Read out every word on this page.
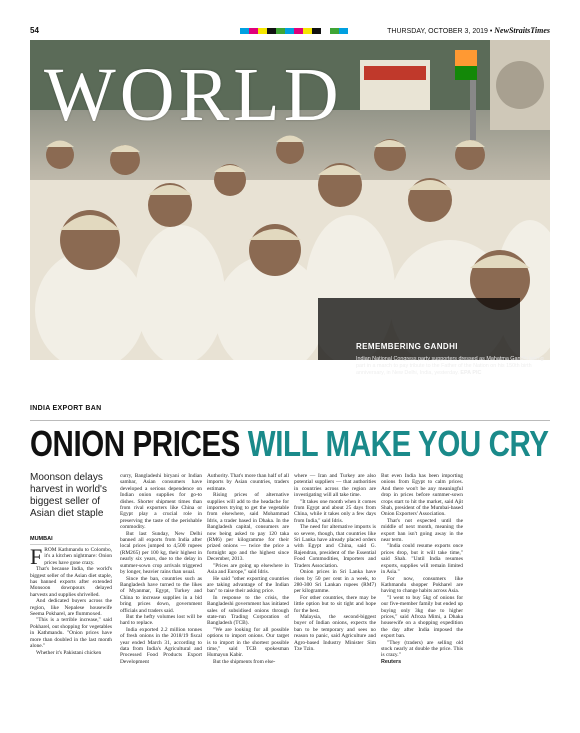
54	THURSDAY, OCTOBER 3, 2019 • NewStraitsTimes
WORLD
REMEMBERING GANDHI
Indian National Congress party supporters dressed as Mahatma Gandhi taking part in a march to pay tribute to the Father of the Nation on his 150th birth anniversary, in New Delhi, India, yesterday. EPA PIC
INDIA EXPORT BAN
ONION PRICES WILL MAKE YOU CRY
Moonson delays harvest in world's biggest seller of Asian diet staple
MUMBAI
F ROM Kathmandu to Colombo, it's a kitchen nightmare: Onion prices have gone crazy.

That's because India, the world's biggest seller of the Asian diet staple, has banned exports after extended Monsoon downpours delayed harvests and supplies shrivelled.

And dedicated buyers across the region, like Nepalese housewife Seema Pokharel, are flummoxed.

"This is a terrible increase," said Pokharel, out shopping for vegetables in Kathmandu. "Onion prices have more than doubled in the last month alone."

Whether it's Pakistani chicken

curry, Bangladeshi biryani or Indian sambar, Asian consumers have developed a serious dependence on Indian onion supplies for go-to dishes. Shorter shipment times than from rival exporters like China or Egypt play a crucial role in preserving the taste of the perishable commodity.

But last Sunday, New Delhi banned all exports from India after local prices jumped to 4,500 rupees (RM265) per 100 kg, their highest in nearly six years, due to the delay in summer-sown crop arrivals triggered by longer, heavier rains than usual.

Since the ban, countries such as Bangladesh have turned to the likes of Myanmar, Egypt, Turkey and China to increase supplies in a bid bring prices down, government officials and traders said.

But the hefty volumes lost will be hard to replace.

India exported 2.2 million tonnes of fresh onions in the 2018/19 fiscal year ended March 31, according to data from India's Agricultural and Processed Food Products Export Development

Authority. That's more than half of all imports by Asian countries, traders estimate.

Rising prices of alternative supplies will add to the headache for importers trying to get the vegetable from elsewhere, said Mohammad Idris, a trader based in Dhaka. In the Bangladesh capital, consumers are now being asked to pay 120 taka (RM6) per kilogramme for their prized onions — twice the price a fortnight ago and the highest since December, 2013.

"Prices are going up elsewhere in Asia and Europe," said Idris.

He said "other exporting countries are taking advantage of the Indian ban" to raise their asking price.

In response to the crisis, the Bangladeshi government has initiated sales of subsidised onions through state-run Trading Corporation of Bangladesh (TCB).

"We are looking for all possible options to import onions. Our target is to import in the shortest possible time," said TCB spokesman Humayun Kabir.

But the shipments from else-

where — Iran and Turkey are also potential suppliers — that authorities in countries across the region are investigating will all take time.

"It takes one month when it comes from Egypt and about 25 days from China, while it takes only a few days from India," said Idris.

The need for alternative imports is so severe, though, that countries like Sri Lanka have already placed orders with Egypt and China, said G. Rajendran, president of the Essential Food Commodities, Importers and Traders Association.

Onion prices in Sri Lanka have risen by 50 per cent in a week, to 280-300 Sri Lankan rupees (RM7) per kilogramme.

For other countries, there may be little option but to sit tight and hope for the best.

Malaysia, the second-biggest buyer of Indian onions, expects the ban to be temporary and sees no reason to panic, said Agriculture and Agro-based Industry Minister Sim Tze Tzin.

But even India has been importing onions from Egypt to calm prices. And there won't be any meaningful drop in prices before summer-sown crops start to hit the market, said Ajit Shah, president of the Mumbai-based Onion Exporters' Association.

That's not expected until the middle of next month, meaning the export ban isn't going away in the near term.

"India could resume exports once prices drop, but it will take time," said Shah. "Until India resumes exports, supplies will remain limited in Asia."

For now, consumers like Kathmandu shopper Pokharel are having to change habits across Asia.

"I went to buy 5kg of onions for our five-member family but ended up buying only 3kg due to higher prices," said Afroza Mimi, a Dhaka housewife on a shopping expedition the day after India imposed the export ban.

"They (traders) are selling old stock nearly at double the price. This is crazy."

Reuters
